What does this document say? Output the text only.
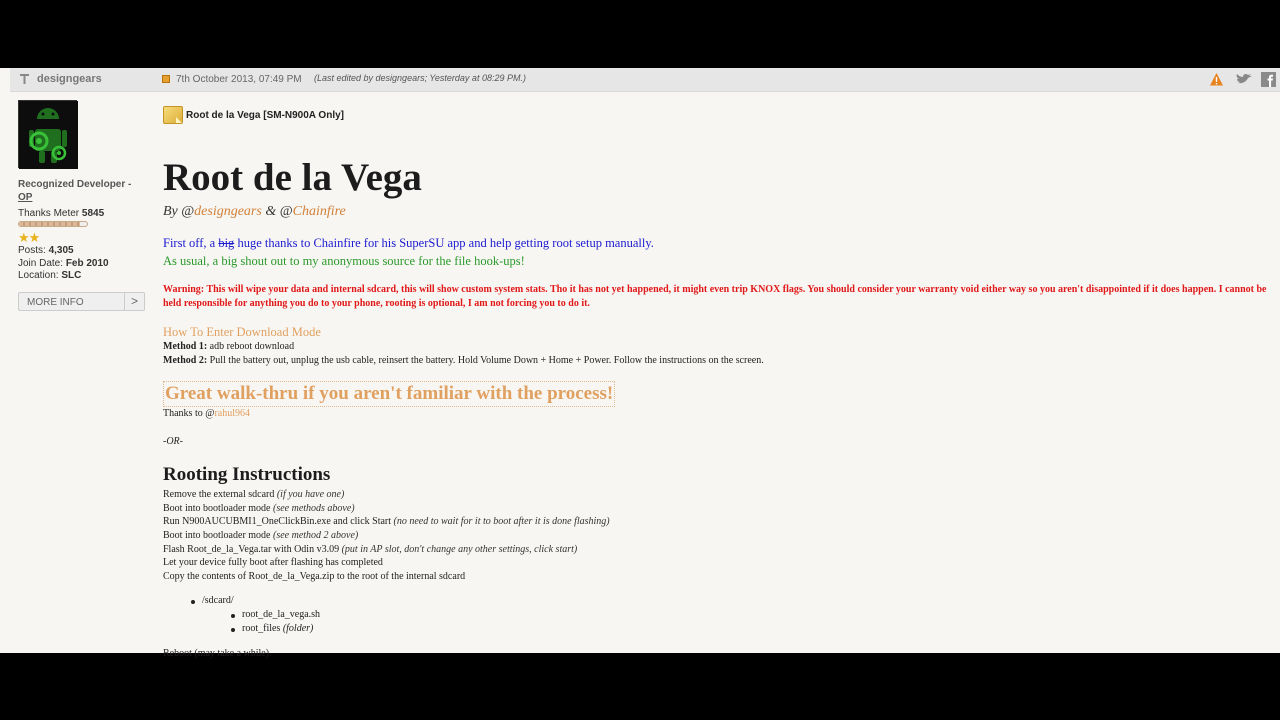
designgears	7th October 2013, 07:49 PM (Last edited by designgears; Yesterday at 08:29 PM.)
Recognized Developer -
OP
Thanks Meter 5845
★★
Posts: 4,305
Join Date: Feb 2010
Location: SLC
MORE INFO	>
Root de la Vega [SM-N900A Only]
Root de la Vega
By @designgears & @Chainfire
First off, a big huge thanks to Chainfire for his SuperSU app and help getting root setup manually.
As usual, a big shout out to my anonymous source for the file hook-ups!
Warning: This will wipe your data and internal sdcard, this will show custom system stats. Tho it has not yet happened, it might even trip KNOX flags. You should consider your warranty void either way so you aren't disappointed if it does happen. I cannot be held responsible for anything you do to your phone, rooting is optional, I am not forcing you to do it.
How To Enter Download Mode
Method 1: adb reboot download
Method 2: Pull the battery out, unplug the usb cable, reinsert the battery. Hold Volume Down + Home + Power. Follow the instructions on the screen.
Great walk-thru if you aren't familiar with the process!
Thanks to @rahul964
-OR-
Rooting Instructions
Remove the external sdcard (if you have one)
Boot into bootloader mode (see methods above)
Run N900AUCUBMI1_OneClickBin.exe and click Start (no need to wait for it to boot after it is done flashing)
Boot into bootloader mode (see method 2 above)
Flash Root_de_la_Vega.tar with Odin v3.09 (put in AP slot, don't change any other settings, click start)
Let your device fully boot after flashing has completed
Copy the contents of Root_de_la_Vega.zip to the root of the internal sdcard
/sdcard/
root_de_la_vega.sh
root_files (folder)
Reboot (may take a while)
